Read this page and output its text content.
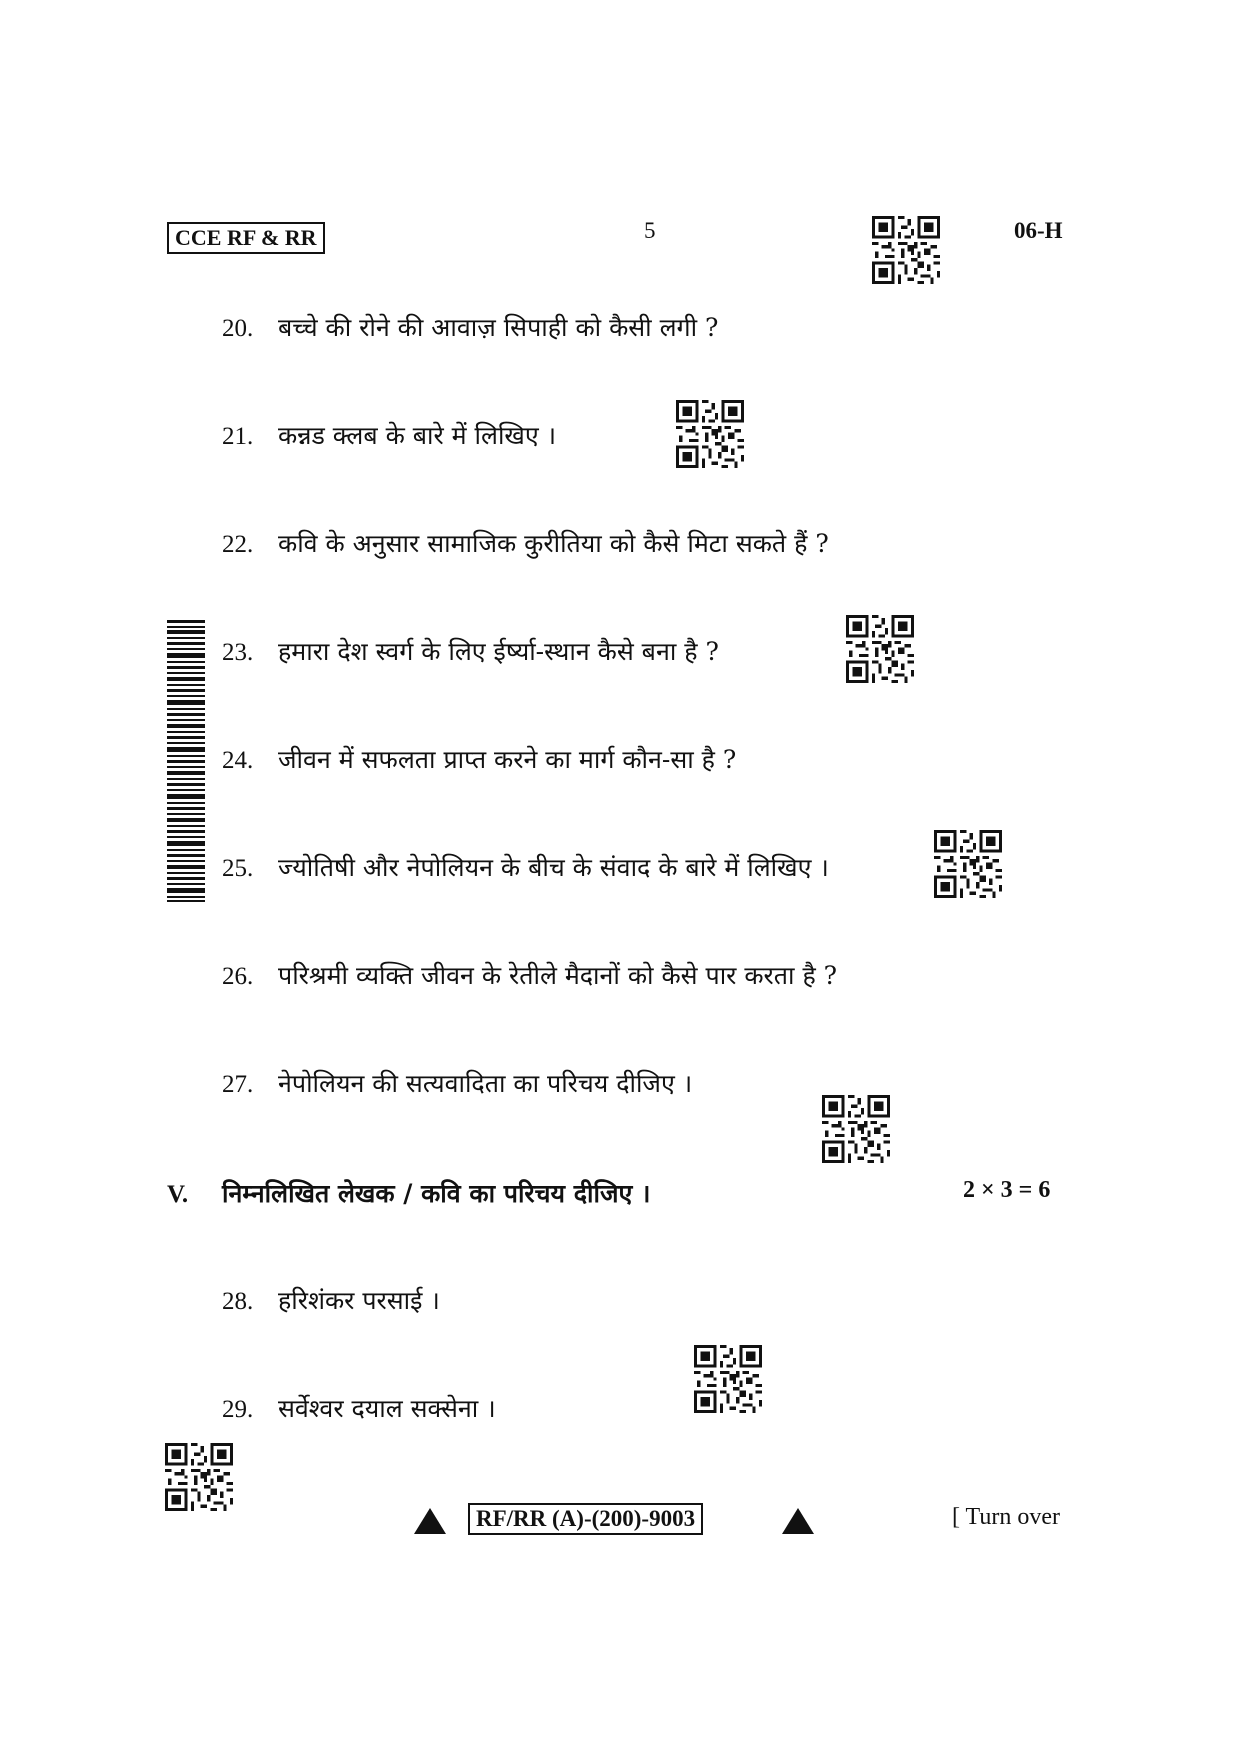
CCE RF & RR	5	06-H
20. बच्चे की रोने की आवाज़ सिपाही को कैसी लगी ?
21. कन्नड क्लब के बारे में लिखिए ।
22. कवि के अनुसार सामाजिक कुरीतिया को कैसे मिटा सकते हैं ?
23. हमारा देश स्वर्ग के लिए ईर्ष्या-स्थान कैसे बना है ?
24. जीवन में सफलता प्राप्त करने का मार्ग कौन-सा है ?
25. ज्योतिषी और नेपोलियन के बीच के संवाद के बारे में लिखिए ।
26. परिश्रमी व्यक्ति जीवन के रेतीले मैदानों को कैसे पार करता है ?
27. नेपोलियन की सत्यवादिता का परिचय दीजिए ।
V. निम्नलिखित लेखक / कवि का परिचय दीजिए ।	2 × 3 = 6
28. हरिशंकर परसाई ।
29. सर्वेश्वर दयाल सक्सेना ।
RF/RR (A)-(200)-9003	[ Turn over
